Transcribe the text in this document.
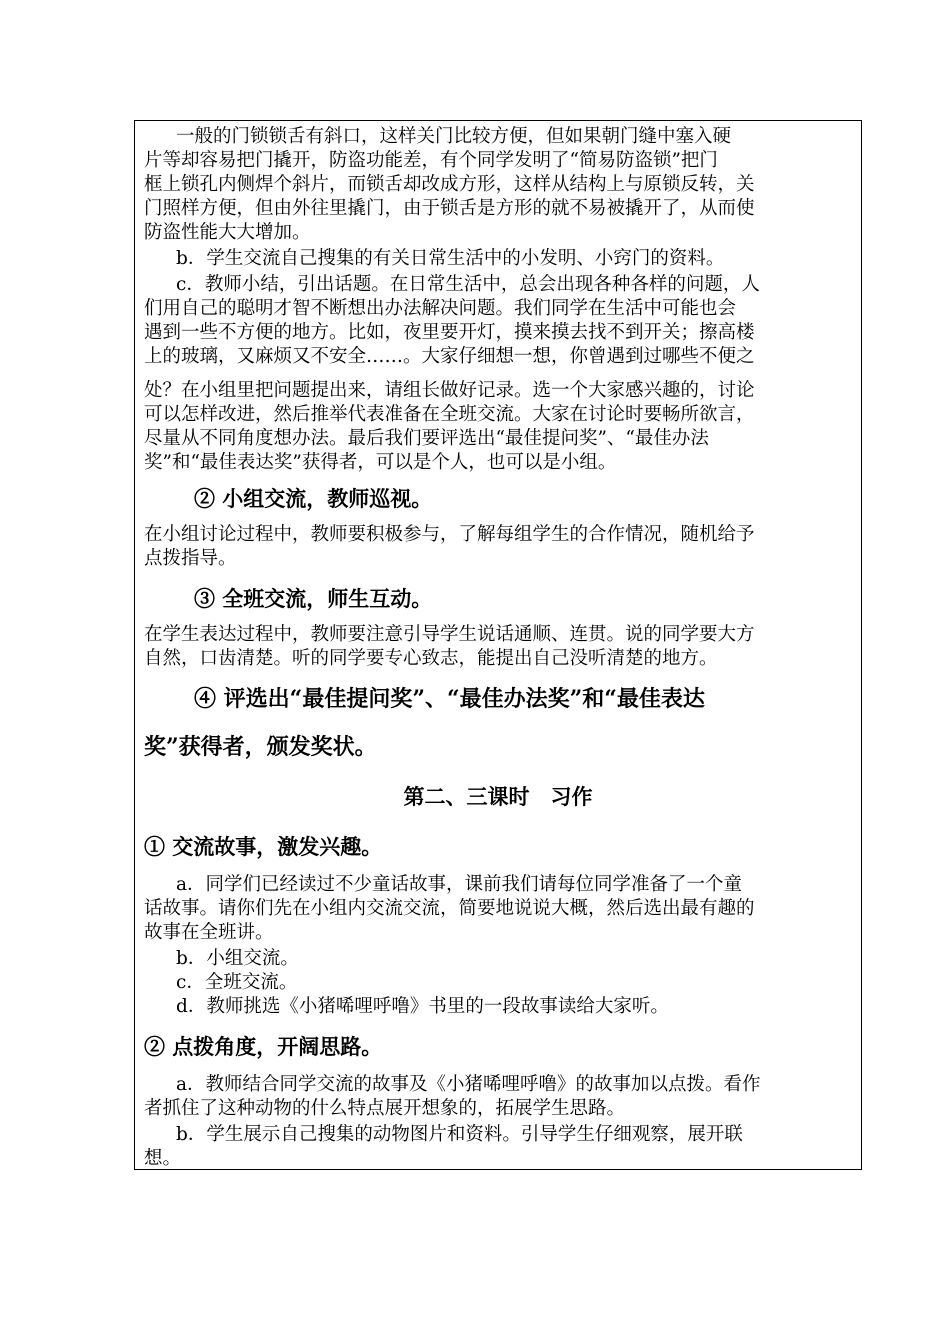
一般的门锁锁舌有斜口，这样关门比较方便，但如果朝门缝中塞入硬
片等却容易把门撬开，防盗功能差，有个同学发明了“简易防盗锁”把门
框上锁孔内侧焊个斜片，而锁舌却改成方形，这样从结构上与原锁反转，关
门照样方便，但由外往里撬门，由于锁舌是方形的就不易被撬开了，从而使
防盗性能大大增加。
b．学生交流自己搜集的有关日常生活中的小发明、小窍门的资料。
c．教师小结，引出话题。在日常生活中，总会出现各种各样的问题，人
们用自己的聪明才智不断想出办法解决问题。我们同学在生活中可能也会
遇到一些不方便的地方。比如，夜里要开灯，摸来摸去找不到开关；擦高楼
上的玻璃，又麻烦又不安全……。大家仔细想一想，你曾遇到过哪些不便之
处？在小组里把问题提出来，请组长做好记录。选一个大家感兴趣的，讨论
可以怎样改进，然后推举代表准备在全班交流。大家在讨论时要畅所欲言，
尽量从不同角度想办法。最后我们要评选出“最佳提问奖”、“最佳办法
奖”和“最佳表达奖”获得者，可以是个人，也可以是小组。
② 小组交流，教师巡视。
在小组讨论过程中，教师要积极参与，了解每组学生的合作情况，随机给予
点拨指导。
③ 全班交流，师生互动。
在学生表达过程中，教师要注意引导学生说话通顺、连贯。说的同学要大方
自然，口齿清楚。听的同学要专心致志，能提出自己没听清楚的地方。
④ 评选出“最佳提问奖”、“最佳办法奖”和“最佳表达
奖”获得者，颁发奖状。
第二、三课时　习作
① 交流故事，激发兴趣。
a．同学们已经读过不少童话故事，课前我们请每位同学准备了一个童
话故事。请你们先在小组内交流交流，简要地说说大概，然后选出最有趣的
故事在全班讲。
b．小组交流。
c．全班交流。
d．教师挑选《小猪唏哩呼噜》书里的一段故事读给大家听。
② 点拨角度，开阔思路。
a．教师结合同学交流的故事及《小猪唏哩呼噜》的故事加以点拨。看作
者抓住了这种动物的什么特点展开想象的，拓展学生思路。
b．学生展示自己搜集的动物图片和资料。引导学生仔细观察，展开联
想。
